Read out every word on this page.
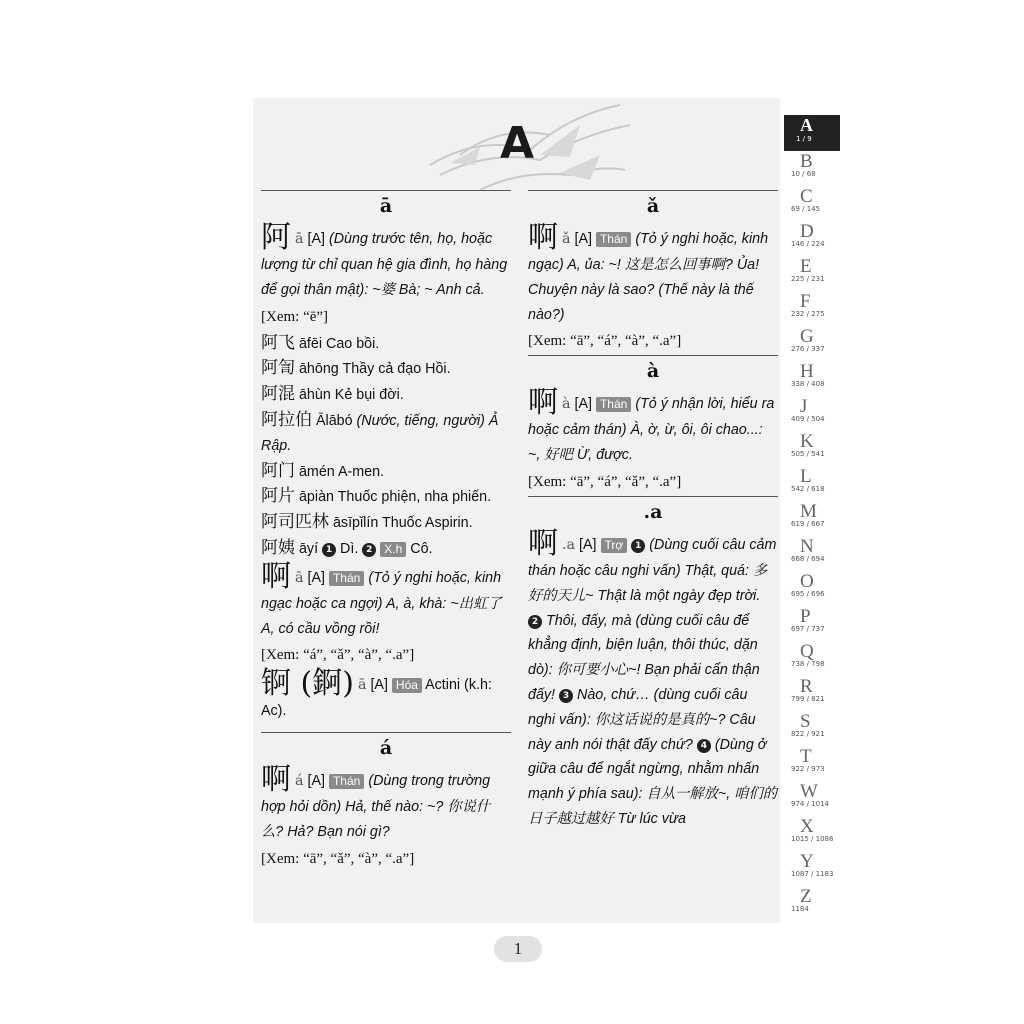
A
ā

阿 ā [A] (Dùng trước tên, họ, hoặc lượng từ chỉ quan hệ gia đình, họ hàng để gọi thân mật): ~婆 Bà; ~ Anh cả.

[Xem: “ē”]
阿飞 āfēi Cao bồi.
阿訇 āhōng Thầy cả đạo Hồi.
阿混 āhùn Kẻ bụi đời.
阿拉伯 Ālābó (Nước, tiếng, người) Ả Rập.
阿门 āmén A-men.
阿片 āpiàn Thuốc phiện, nha phiến.
阿司匹林 āsīpǐlín Thuốc Aspirin.
阿姨 āyí 1 Dì. 2 X.h Cô.

啊 ā [A] Thán (Tỏ ý nghi hoặc, kinh ngạc hoặc ca ngợi) A, à, khà: ~出虹了 A, có cầu vồng rồi!

[Xem: “á”, “ǎ”, “à”, “.a”]

锕 (錒) ā [A] Hóa Actini (k.h: Ac).

á

啊 á [A] Thán (Dùng trong trường hợp hỏi dồn) Hả, thế nào: ~? 你说什么? Hả? Bạn nói gì?

[Xem: “ā”, “ǎ”, “à”, “.a”]
ǎ

啊 ǎ [A] Thán (Tỏ ý nghi hoặc, kinh ngạc) A, ủa: ~! 这是怎么回事啊? Ủa! Chuyện này là sao? (Thế này là thế nào?)

[Xem: “ā”, “á”, “à”, “.a”]
à

啊 à [A] Thán (Tỏ ý nhận lời, hiểu ra hoặc cảm thán) À, ờ, ừ, ôi, ôi chao...: ~, 好吧 Ừ, được.

[Xem: “ā”, “á”, “ǎ”, “.a”]
.a

啊 .a [A] Trợ 1 (Dùng cuối câu cảm thán hoặc câu nghi vấn) Thật, quá: 多好的天儿~ Thật là một ngày đẹp trời. 2 Thôi, đấy, mà (dùng cuối câu để khẳng định, biện luận, thôi thúc, dặn dò): 你可要小心~! Bạn phải cẩn thận đấy! 3 Nào, chứ… (dùng cuối câu nghi vấn): 你这话说的是真的~? Câu này anh nói thật đấy chứ? 4 (Dùng ở giữa câu để ngắt ngừng, nhằm nhấn mạnh ý phía sau): 自从一解放~, 咱们的日子越过越好 Từ lúc vừa

A
1 / 9
B
10 / 68
C
69 / 145
D
146 / 224
E
225 / 231
F
232 / 275
G
276 / 337
H
338 / 408
J
409 / 504
K
505 / 541
L
542 / 618
M
619 / 667
N
668 / 694
O
695 / 696
P
697 / 737
Q
738 / 798
R
799 / 821
S
822 / 921
T
922 / 973
W
974 / 1014
X
1015 / 1086
Y
1087 / 1183
Z
1184
1
